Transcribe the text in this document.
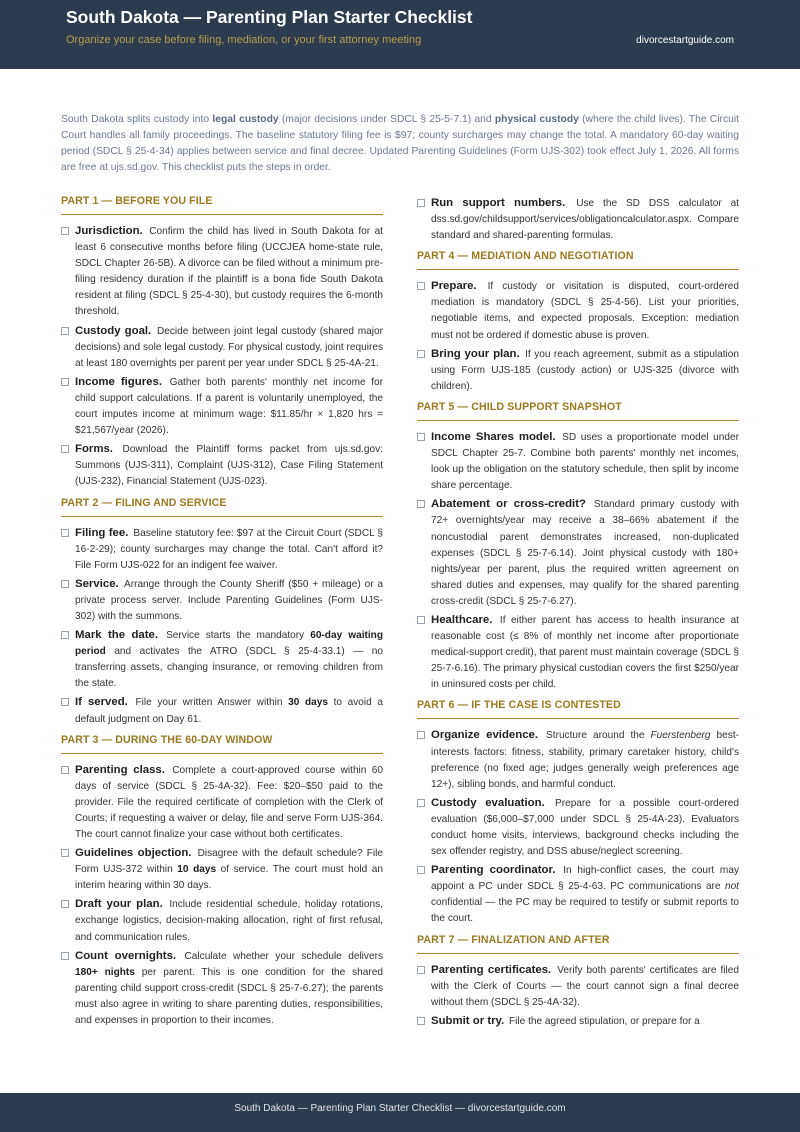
South Dakota — Parenting Plan Starter Checklist
Organize your case before filing, mediation, or your first attorney meeting	divorcestartguide.com
South Dakota splits custody into legal custody (major decisions under SDCL § 25-5-7.1) and physical custody (where the child lives). The Circuit Court handles all family proceedings. The baseline statutory filing fee is $97; county surcharges may change the total. A mandatory 60-day waiting period (SDCL § 25-4-34) applies between service and final decree. Updated Parenting Guidelines (Form UJS-302) took effect July 1, 2026. All forms are free at ujs.sd.gov. This checklist puts the steps in order.
PART 1 — BEFORE YOU FILE
Jurisdiction. Confirm the child has lived in South Dakota for at least 6 consecutive months before filing (UCCJEA home-state rule, SDCL Chapter 26-5B). A divorce can be filed without a minimum pre-filing residency duration if the plaintiff is a bona fide South Dakota resident at filing (SDCL § 25-4-30), but custody requires the 6-month threshold.
Custody goal. Decide between joint legal custody (shared major decisions) and sole legal custody. For physical custody, joint requires at least 180 overnights per parent per year under SDCL § 25-4A-21.
Income figures. Gather both parents' monthly net income for child support calculations. If a parent is voluntarily unemployed, the court imputes income at minimum wage: $11.85/hr × 1,820 hrs = $21,567/year (2026).
Forms. Download the Plaintiff forms packet from ujs.sd.gov: Summons (UJS-311), Complaint (UJS-312), Case Filing Statement (UJS-232), Financial Statement (UJS-023).
PART 2 — FILING AND SERVICE
Filing fee. Baseline statutory fee: $97 at the Circuit Court (SDCL § 16-2-29); county surcharges may change the total. Can't afford it? File Form UJS-022 for an indigent fee waiver.
Service. Arrange through the County Sheriff ($50 + mileage) or a private process server. Include Parenting Guidelines (Form UJS-302) with the summons.
Mark the date. Service starts the mandatory 60-day waiting period and activates the ATRO (SDCL § 25-4-33.1) — no transferring assets, changing insurance, or removing children from the state.
If served. File your written Answer within 30 days to avoid a default judgment on Day 61.
PART 3 — DURING THE 60-DAY WINDOW
Parenting class. Complete a court-approved course within 60 days of service (SDCL § 25-4A-32). Fee: $20–$50 paid to the provider. File the required certificate of completion with the Clerk of Courts; if requesting a waiver or delay, file and serve Form UJS-364. The court cannot finalize your case without both certificates.
Guidelines objection. Disagree with the default schedule? File Form UJS-372 within 10 days of service. The court must hold an interim hearing within 30 days.
Draft your plan. Include residential schedule, holiday rotations, exchange logistics, decision-making allocation, right of first refusal, and communication rules.
Count overnights. Calculate whether your schedule delivers 180+ nights per parent. This is one condition for the shared parenting child support cross-credit (SDCL § 25-7-6.27); the parents must also agree in writing to share parenting duties, responsibilities, and expenses in proportion to their incomes.
Run support numbers. Use the SD DSS calculator at dss.sd.gov/childsupport/services/obligationcalculator.aspx. Compare standard and shared-parenting formulas.
PART 4 — MEDIATION AND NEGOTIATION
Prepare. If custody or visitation is disputed, court-ordered mediation is mandatory (SDCL § 25-4-56). List your priorities, negotiable items, and expected proposals. Exception: mediation must not be ordered if domestic abuse is proven.
Bring your plan. If you reach agreement, submit as a stipulation using Form UJS-185 (custody action) or UJS-325 (divorce with children).
PART 5 — CHILD SUPPORT SNAPSHOT
Income Shares model. SD uses a proportionate model under SDCL Chapter 25-7. Combine both parents' monthly net incomes, look up the obligation on the statutory schedule, then split by income share percentage.
Abatement or cross-credit? Standard primary custody with 72+ overnights/year may receive a 38–66% abatement if the noncustodial parent demonstrates increased, non-duplicated expenses (SDCL § 25-7-6.14). Joint physical custody with 180+ nights/year per parent, plus the required written agreement on shared duties and expenses, may qualify for the shared parenting cross-credit (SDCL § 25-7-6.27).
Healthcare. If either parent has access to health insurance at reasonable cost (≤ 8% of monthly net income after proportionate medical-support credit), that parent must maintain coverage (SDCL § 25-7-6.16). The primary physical custodian covers the first $250/year in uninsured costs per child.
PART 6 — IF THE CASE IS CONTESTED
Organize evidence. Structure around the Fuerstenberg best-interests factors: fitness, stability, primary caretaker history, child's preference (no fixed age; judges generally weigh preferences age 12+), sibling bonds, and harmful conduct.
Custody evaluation. Prepare for a possible court-ordered evaluation ($6,000–$7,000 under SDCL § 25-4A-23). Evaluators conduct home visits, interviews, background checks including the sex offender registry, and DSS abuse/neglect screening.
Parenting coordinator. In high-conflict cases, the court may appoint a PC under SDCL § 25-4-63. PC communications are not confidential — the PC may be required to testify or submit reports to the court.
PART 7 — FINALIZATION AND AFTER
Parenting certificates. Verify both parents' certificates are filed with the Clerk of Courts — the court cannot sign a final decree without them (SDCL § 25-4A-32).
Submit or try. File the agreed stipulation, or prepare for a
South Dakota — Parenting Plan Starter Checklist — divorcestartguide.com
